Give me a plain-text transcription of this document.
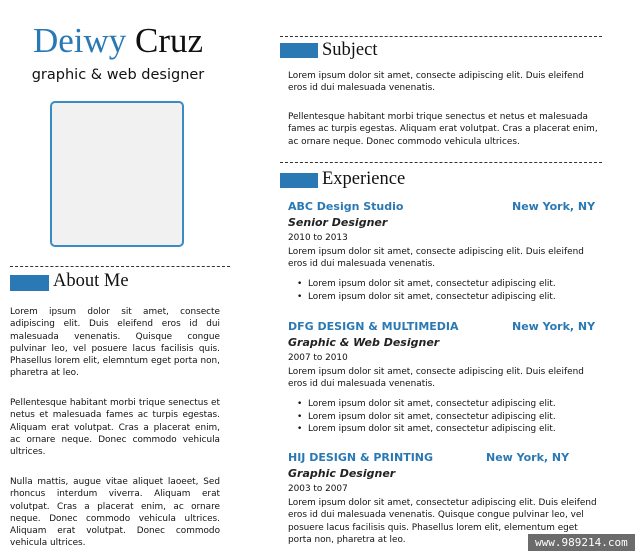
Deiwy Cruz
graphic & web designer
About Me
Lorem ipsum dolor sit amet, consecte adipiscing elit. Duis eleifend eros id dui malesuada venenatis. Quisque congue pulvinar leo, vel posuere lacus facilisis quis. Phasellus lorem elit, elemntum eget porta non, pharetra at leo.
Pellentesque habitant morbi trique senectus et netus et malesuada fames ac turpis egestas. Aliquam erat volutpat. Cras a placerat enim, ac ornare neque. Donec commodo vehicula ultrices.
Nulla mattis, augue vitae aliquet laoeet, Sed rhoncus interdum viverra. Aliquam erat volutpat. Cras a placerat enim, ac ornare neque. Donec commodo vehicula ultrices. Aliquam erat volutpat. Donec commodo vehicula ultrices.
Subject
Lorem ipsum dolor sit amet, consecte adipiscing elit. Duis eleifend eros id dui malesuada venenatis.
Pellentesque habitant morbi trique senectus et netus et malesuada fames ac turpis egestas. Aliquam erat volutpat. Cras a placerat enim, ac ornare neque. Donec commodo vehicula ultrices.
Experience
ABC Design Studio	New York, NY
Senior Designer
2010 to 2013
Lorem ipsum dolor sit amet, consecte adipiscing elit. Duis eleifend eros id dui malesuada venenatis.
• Lorem ipsum dolor sit amet, consectetur adipiscing elit.
• Lorem ipsum dolor sit amet, consectetur adipiscing elit.
DFG DESIGN & MULTIMEDIA	New York, NY
Graphic & Web Designer
2007 to 2010
Lorem ipsum dolor sit amet, consecte adipiscing elit. Duis eleifend eros id dui malesuada venenatis.
• Lorem ipsum dolor sit amet, consectetur adipiscing elit.
• Lorem ipsum dolor sit amet, consectetur adipiscing elit.
• Lorem ipsum dolor sit amet, consectetur adipiscing elit.
HIJ DESIGN & PRINTING	New York, NY
Graphic Designer
2003 to 2007
Lorem ipsum dolor sit amet, consectetur adipiscing elit. Duis eleifend eros id dui malesuada venenatis. Quisque congue pulvinar leo, vel posuere lacus facilisis quis. Phasellus lorem elit, elementum eget porta non, pharetra at leo.	www.989214.com
